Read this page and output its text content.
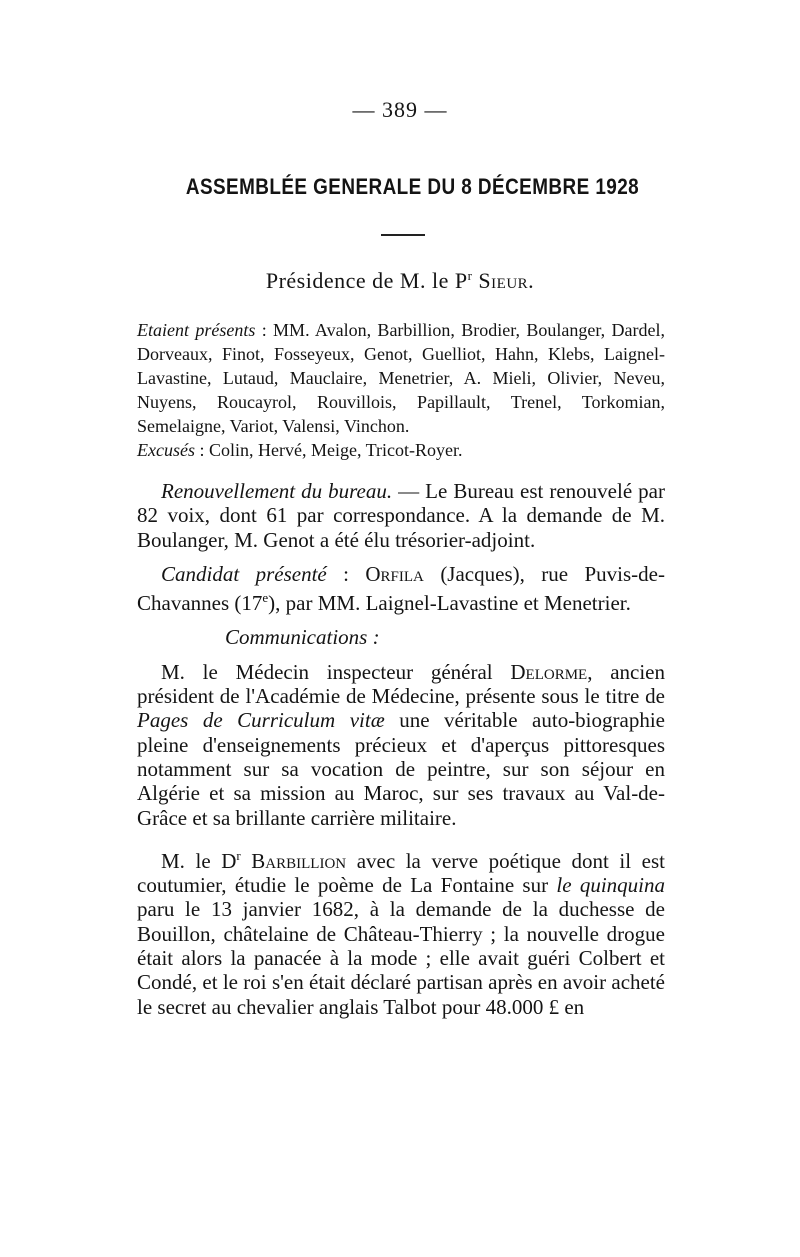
— 389 —
ASSEMBLÉE GENERALE DU 8 DÉCEMBRE 1928
Présidence de M. le $P^r$ Sieur.

Etaient présents : MM. Avalon, Barbillion, Brodier, Boulanger, Dardel, Dorveaux, Finot, Fosseyeux, Genot, Guelliot, Hahn, Klebs, Laignel-Lavastine, Lutaud, Mauclaire, Menetrier, A. Mieli, Olivier, Neveu, Nuyens, Roucayrol, Rouvillois, Papillault, Trenel, Torkomian, Semelaigne, Variot, Valensi, Vinchon.

Excusés : Colin, Hervé, Meige, Tricot-Royer.

Renouvellement du bureau. — Le Bureau est renouvelé par 82 voix, dont 61 par correspondance. A la demande de M. Boulanger, M. Genot a été élu trésorier-adjoint.

Candidat présenté : Orfila (Jacques), rue Puvis-de-Chavannes (17e), par MM. Laignel-Lavastine et Menetrier.

Communications :

M. le Médecin inspecteur général Delorme, ancien président de l'Académie de Médecine, présente sous le titre de Pages de Curriculum vitæ une véritable auto-biographie pleine d'enseignements précieux et d'aperçus pittoresques notamment sur sa vocation de peintre, sur son séjour en Algérie et sa mission au Maroc, sur ses travaux au Val-de-Grâce et sa brillante carrière militaire.

M. le $D^r$ Barbillion avec la verve poétique dont il est coutumier, étudie le poème de La Fontaine sur le quinquina paru le 13 janvier 1682, à la demande de la duchesse de Bouillon, châtelaine de Château-Thierry ; la nouvelle drogue était alors la panacée à la mode ; elle avait guéri Colbert et Condé, et le roi s'en était déclaré partisan après en avoir acheté le secret au chevalier anglais Talbot pour 48.000 £ en
